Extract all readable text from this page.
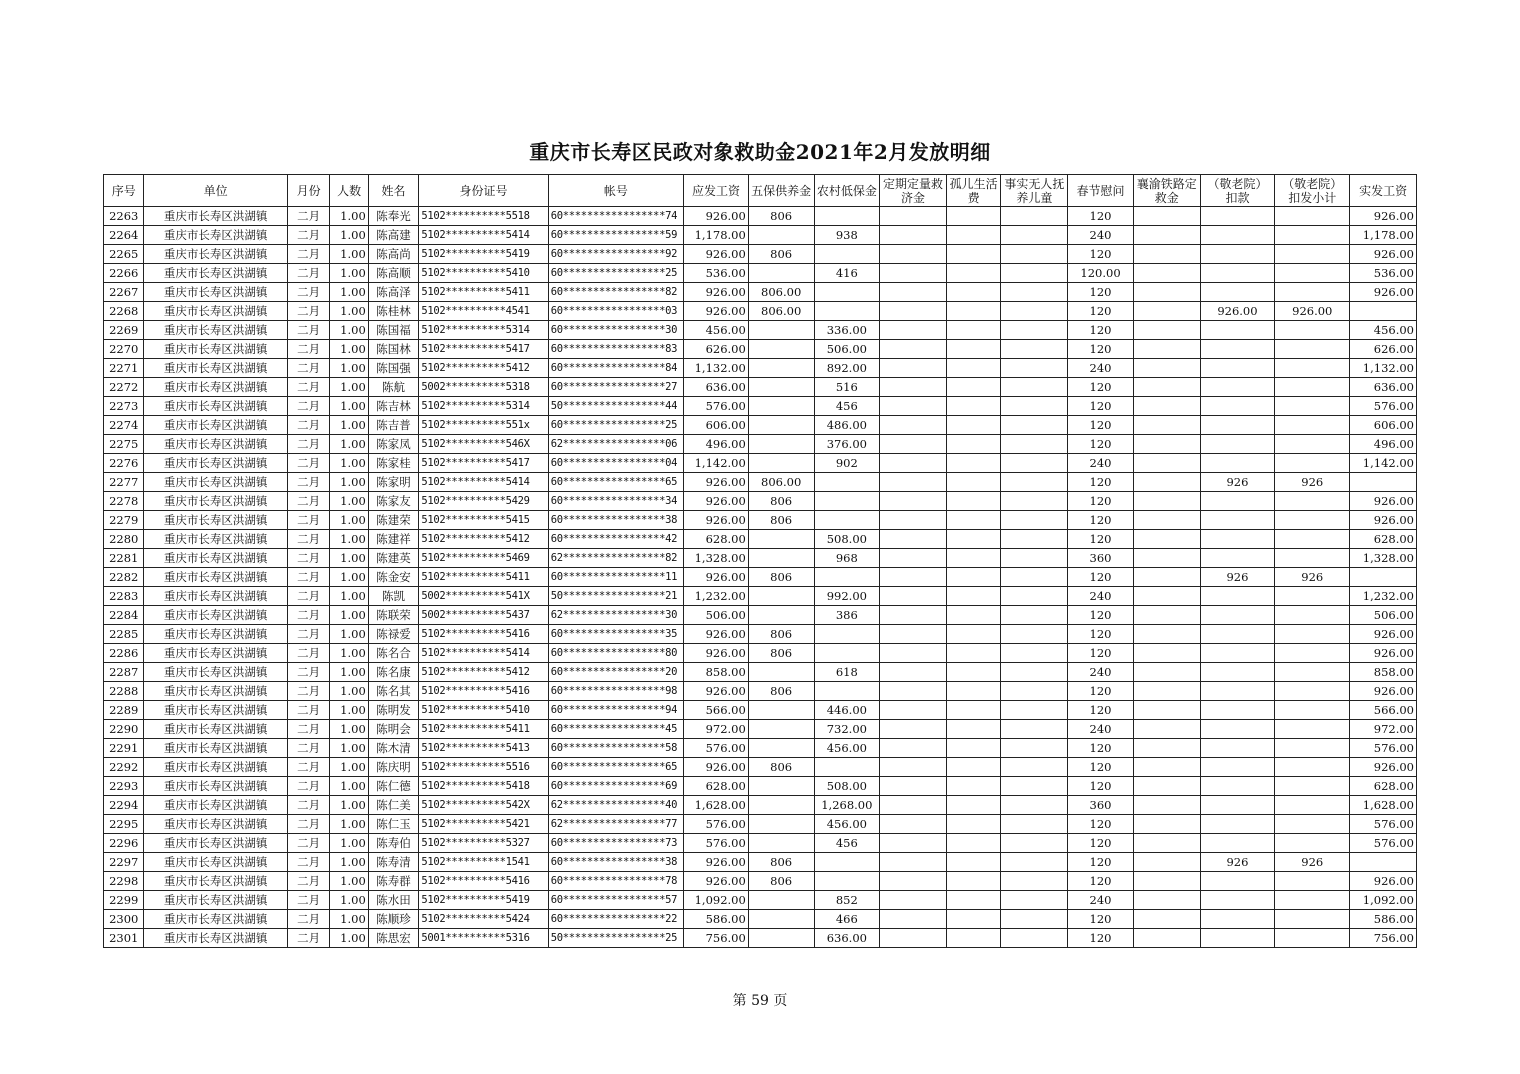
重庆市长寿区民政对象救助金2021年2月发放明细
序号	单位	月份	人数	姓名	身份证号	帐号	应发工资	五保供养金	农村低保金	定期定量救济金	孤儿生活费	事实无人抚养儿童	春节慰问	襄渝铁路定救金	（敬老院）扣款	（敬老院）扣发小计	实发工资
2263	重庆市长寿区洪湖镇	二月	1.00	陈奉光	5102**********5518	60*****************74	926.00	806					120				926.00
2264	重庆市长寿区洪湖镇	二月	1.00	陈高建	5102**********5414	60*****************59	1,178.00		938				240				1,178.00
2265	重庆市长寿区洪湖镇	二月	1.00	陈高尚	5102**********5419	60*****************92	926.00	806					120				926.00
2266	重庆市长寿区洪湖镇	二月	1.00	陈高顺	5102**********5410	60*****************25	536.00		416				120.00				536.00
2267	重庆市长寿区洪湖镇	二月	1.00	陈高泽	5102**********5411	60*****************82	926.00	806.00					120				926.00
2268	重庆市长寿区洪湖镇	二月	1.00	陈桂林	5102**********4541	60*****************03	926.00	806.00					120		926.00	926.00	
2269	重庆市长寿区洪湖镇	二月	1.00	陈国福	5102**********5314	60*****************30	456.00		336.00				120				456.00
2270	重庆市长寿区洪湖镇	二月	1.00	陈国林	5102**********5417	60*****************83	626.00		506.00				120				626.00
2271	重庆市长寿区洪湖镇	二月	1.00	陈国强	5102**********5412	60*****************84	1,132.00		892.00				240				1,132.00
2272	重庆市长寿区洪湖镇	二月	1.00	陈航	5002**********5318	60*****************27	636.00		516				120				636.00
2273	重庆市长寿区洪湖镇	二月	1.00	陈吉林	5102**********5314	50*****************44	576.00		456				120				576.00
2274	重庆市长寿区洪湖镇	二月	1.00	陈吉普	5102**********551x	60*****************25	606.00		486.00				120				606.00
2275	重庆市长寿区洪湖镇	二月	1.00	陈家凤	5102**********546X	62*****************06	496.00		376.00				120				496.00
2276	重庆市长寿区洪湖镇	二月	1.00	陈家桂	5102**********5417	60*****************04	1,142.00		902				240				1,142.00
2277	重庆市长寿区洪湖镇	二月	1.00	陈家明	5102**********5414	60*****************65	926.00	806.00					120		926	926	
2278	重庆市长寿区洪湖镇	二月	1.00	陈家友	5102**********5429	60*****************34	926.00	806					120				926.00
2279	重庆市长寿区洪湖镇	二月	1.00	陈建荣	5102**********5415	60*****************38	926.00	806					120				926.00
2280	重庆市长寿区洪湖镇	二月	1.00	陈建祥	5102**********5412	60*****************42	628.00		508.00				120				628.00
2281	重庆市长寿区洪湖镇	二月	1.00	陈建英	5102**********5469	62*****************82	1,328.00		968				360				1,328.00
2282	重庆市长寿区洪湖镇	二月	1.00	陈金安	5102**********5411	60*****************11	926.00	806					120		926	926	
2283	重庆市长寿区洪湖镇	二月	1.00	陈凯	5002**********541X	50*****************21	1,232.00		992.00				240				1,232.00
2284	重庆市长寿区洪湖镇	二月	1.00	陈联荣	5002**********5437	62*****************30	506.00		386				120				506.00
2285	重庆市长寿区洪湖镇	二月	1.00	陈禄爱	5102**********5416	60*****************35	926.00	806					120				926.00
2286	重庆市长寿区洪湖镇	二月	1.00	陈名合	5102**********5414	60*****************80	926.00	806					120				926.00
2287	重庆市长寿区洪湖镇	二月	1.00	陈名康	5102**********5412	60*****************20	858.00		618				240				858.00
2288	重庆市长寿区洪湖镇	二月	1.00	陈名其	5102**********5416	60*****************98	926.00	806					120				926.00
2289	重庆市长寿区洪湖镇	二月	1.00	陈明发	5102**********5410	60*****************94	566.00		446.00				120				566.00
2290	重庆市长寿区洪湖镇	二月	1.00	陈明会	5102**********5411	60*****************45	972.00		732.00				240				972.00
2291	重庆市长寿区洪湖镇	二月	1.00	陈木清	5102**********5413	60*****************58	576.00		456.00				120				576.00
2292	重庆市长寿区洪湖镇	二月	1.00	陈庆明	5102**********5516	60*****************65	926.00	806					120				926.00
2293	重庆市长寿区洪湖镇	二月	1.00	陈仁德	5102**********5418	60*****************69	628.00		508.00				120				628.00
2294	重庆市长寿区洪湖镇	二月	1.00	陈仁美	5102**********542X	62*****************40	1,628.00		1,268.00				360				1,628.00
2295	重庆市长寿区洪湖镇	二月	1.00	陈仁玉	5102**********5421	62*****************77	576.00		456.00				120				576.00
2296	重庆市长寿区洪湖镇	二月	1.00	陈寿伯	5102**********5327	60*****************73	576.00		456				120				576.00
2297	重庆市长寿区洪湖镇	二月	1.00	陈寿清	5102**********1541	60*****************38	926.00	806					120		926	926	
2298	重庆市长寿区洪湖镇	二月	1.00	陈寿群	5102**********5416	60*****************78	926.00	806					120				926.00
2299	重庆市长寿区洪湖镇	二月	1.00	陈水田	5102**********5419	60*****************57	1,092.00		852				240				1,092.00
2300	重庆市长寿区洪湖镇	二月	1.00	陈顺珍	5102**********5424	60*****************22	586.00		466				120				586.00
2301	重庆市长寿区洪湖镇	二月	1.00	陈思宏	5001**********5316	50*****************25	756.00		636.00				120				756.00
第 59 页
